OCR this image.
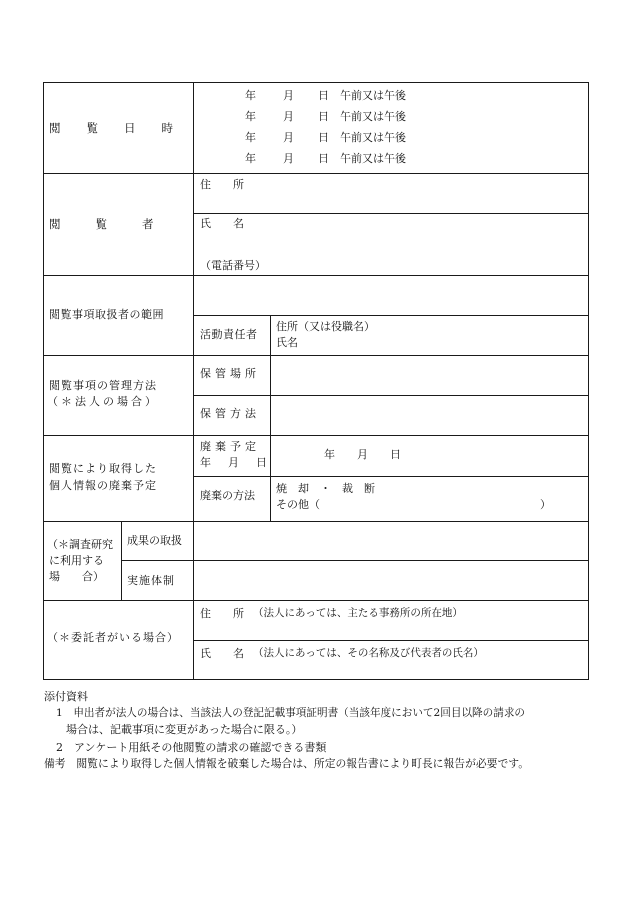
閲　　覧　　日　　時
年 月 日 午前又は午後
年 月 日 午前又は午後
年 月 日 午前又は午後
年 月 日 午前又は午後
閲　　覧　　者
住　　所
氏　　名
（電話番号）
閲覧事項取扱者の範囲
活動責任者
住所（又は役職名）
氏名
閲覧事項の管理方法
（＊法人の場合）
保管場所
保管方法
閲覧により取得した
個人情報の廃棄予定
廃棄予定
年　月　日
年　　月　　日
廃棄の方法
焼　却　・　裁　断
その他（	）
（＊調査研究
に利用する
場　　合）
成果の取扱
実施体制
（＊委託者がいる場合）
住　　所 （法人にあっては、主たる事務所の所在地）
氏　　名 （法人にあっては、その名称及び代表者の氏名）
添付資料
1　申出者が法人の場合は、当該法人の登記記載事項証明書（当該年度において2回目以降の請求の
場合は、記載事項に変更があった場合に限る。）
2　アンケート用紙その他閲覧の請求の確認できる書類
備考　閲覧により取得した個人情報を破棄した場合は、所定の報告書により町長に報告が必要です。
